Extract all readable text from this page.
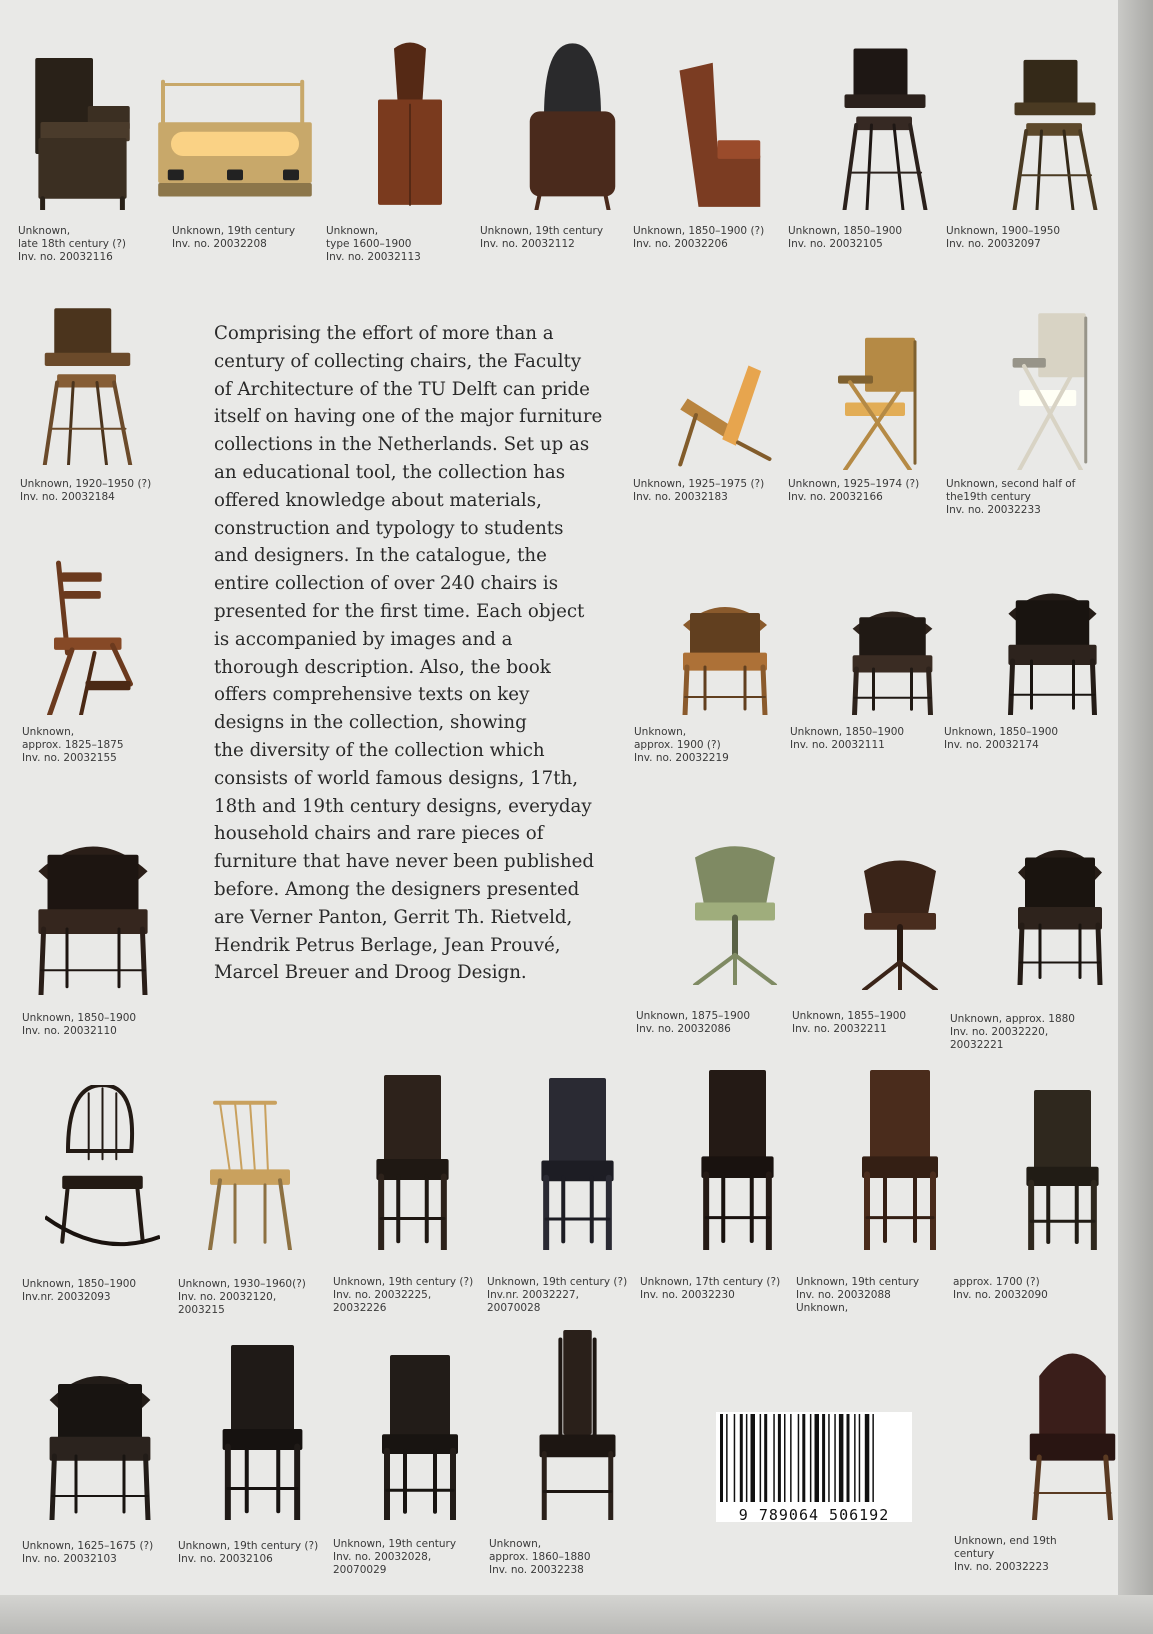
Unknown,
late 18th century (?)
Inv. no. 20032116
Unknown, 19th century
Inv. no. 20032208
Unknown,
type 1600–1900
Inv. no. 20032113
Unknown, 19th century
Inv. no. 20032112
Unknown, 1850–1900 (?)
Inv. no. 20032206
Unknown, 1850–1900
Inv. no. 20032105
Unknown, 1900–1950
Inv. no. 20032097
Unknown, 1920–1950 (?)
Inv. no. 20032184
Unknown, 1925–1975 (?)
Inv. no. 20032183
Unknown, 1925–1974 (?)
Inv. no. 20032166
Unknown, second half of
the19th century
Inv. no. 20032233
Unknown,
approx. 1825–1875
Inv. no. 20032155
Unknown,
approx. 1900 (?)
Inv. no. 20032219
Unknown, 1850–1900
Inv. no. 20032111
Unknown, 1850–1900
Inv. no. 20032174
Unknown, 1850–1900
Inv. no. 20032110
Unknown, 1875–1900
Inv. no. 20032086
Unknown, 1855–1900
Inv. no. 20032211
Unknown, approx. 1880
Inv. no. 20032220,
20032221
Unknown, 1850–1900
Inv.nr. 20032093
Unknown, 1930–1960(?)
Inv. no. 20032120,
2003215
Unknown, 19th century (?)
Inv. no. 20032225,
20032226
Unknown, 19th century (?)
Inv.nr. 20032227,
20070028
Unknown, 17th century (?)
Inv. no. 20032230
Unknown, 19th century
Inv. no. 20032088
Unknown,
approx. 1700 (?)
Inv. no. 20032090
Unknown, 1625–1675 (?)
Inv. no. 20032103
Unknown, 19th century (?)
Inv. no. 20032106
Unknown, 19th century
Inv. no. 20032028,
20070029
Unknown,
approx. 1860–1880
Inv. no. 20032238
Unknown, end 19th
century
Inv. no. 20032223
Comprising the effort of more than a
century of collecting chairs, the Faculty
of Architecture of the TU Delft can pride
itself on having one of the major furniture
collections in the Netherlands. Set up as
an educational tool, the collection has
offered knowledge about materials,
construction and typology to students
and designers. In the catalogue, the
entire collection of over 240 chairs is
presented for the first time. Each object
is accompanied by images and a
thorough description. Also, the book
offers comprehensive texts on key
designs in the collection, showing
the diversity of the collection which
consists of world famous designs, 17th,
18th and 19th century designs, everyday
household chairs and rare pieces of
furniture that have never been published
before. Among the designers presented
are Verner Panton, Gerrit Th. Rietveld,
Hendrik Petrus Berlage, Jean Prouvé,
Marcel Breuer and Droog Design.
9 789064 506192
